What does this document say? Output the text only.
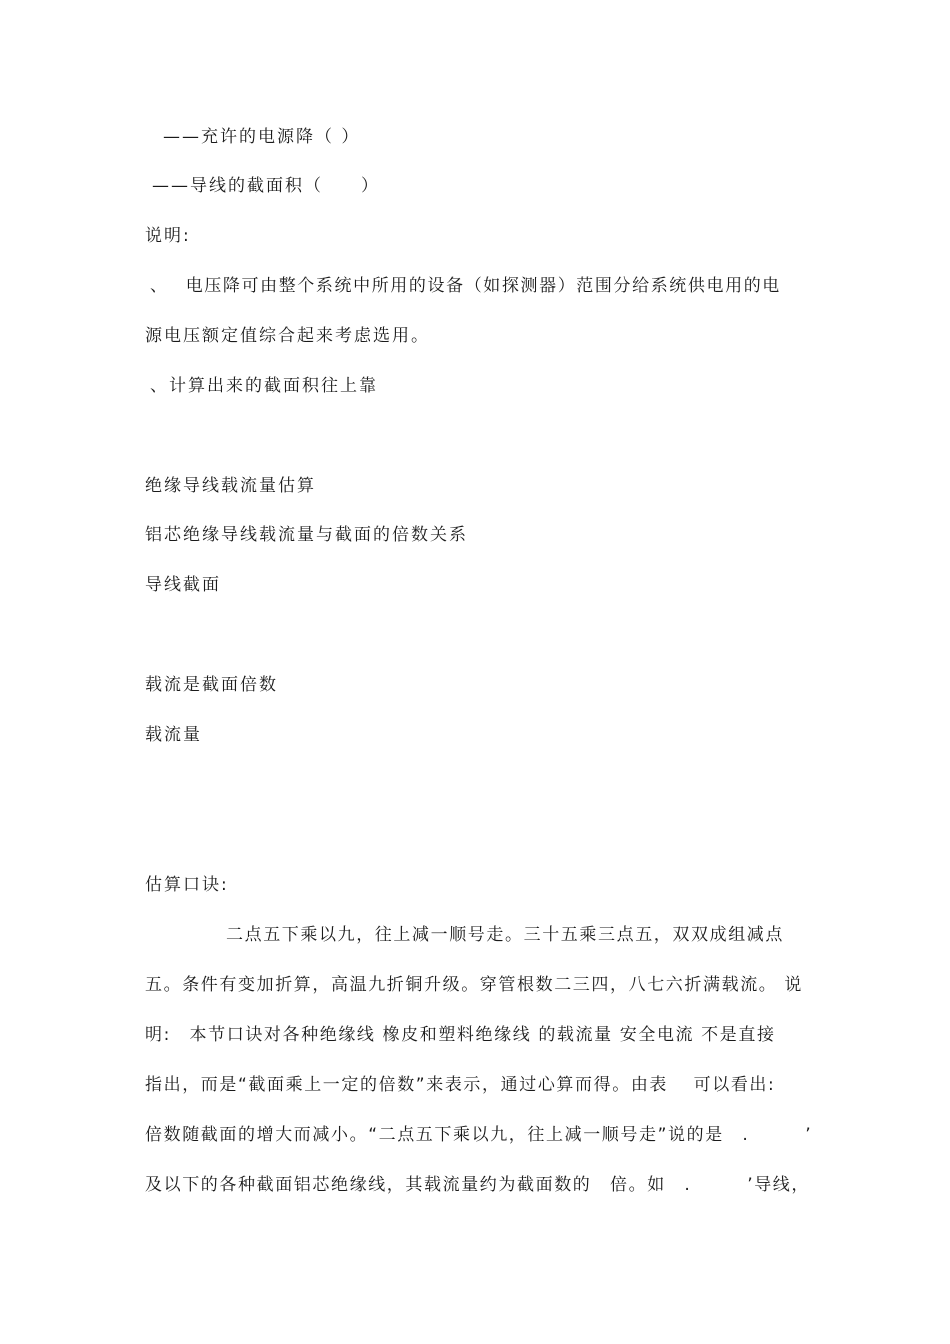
——充许的电源降（ ）
——导线的截面积（　　）
说明:
、　 电压降可由整个系统中所用的设备（如探测器）范围分给系统供电用的电
源电压额定值综合起来考虑选用。
、计算出来的截面积往上靠
绝缘导线载流量估算
铝芯绝缘导线载流量与截面的倍数关系
导线截面
载流是截面倍数
载流量
估算口诀:
二点五下乘以九，往上减一顺号走。三十五乘三点五，双双成组减点
五。条件有变加折算，高温九折铜升级。穿管根数二三四，八七六折满载流。 说
明:　本节口诀对各种绝缘线 橡皮和塑料绝缘线 的载流量 安全电流 不是直接
指出，而是“截面乘上一定的倍数”来表示，通过心算而得。由表　 可以看出:
倍数随截面的增大而减小。“二点五下乘以九，往上减一顺号走”说的是　.　　　’
及以下的各种截面铝芯绝缘线，其载流量约为截面数的　倍。如　.　　　’导线，
